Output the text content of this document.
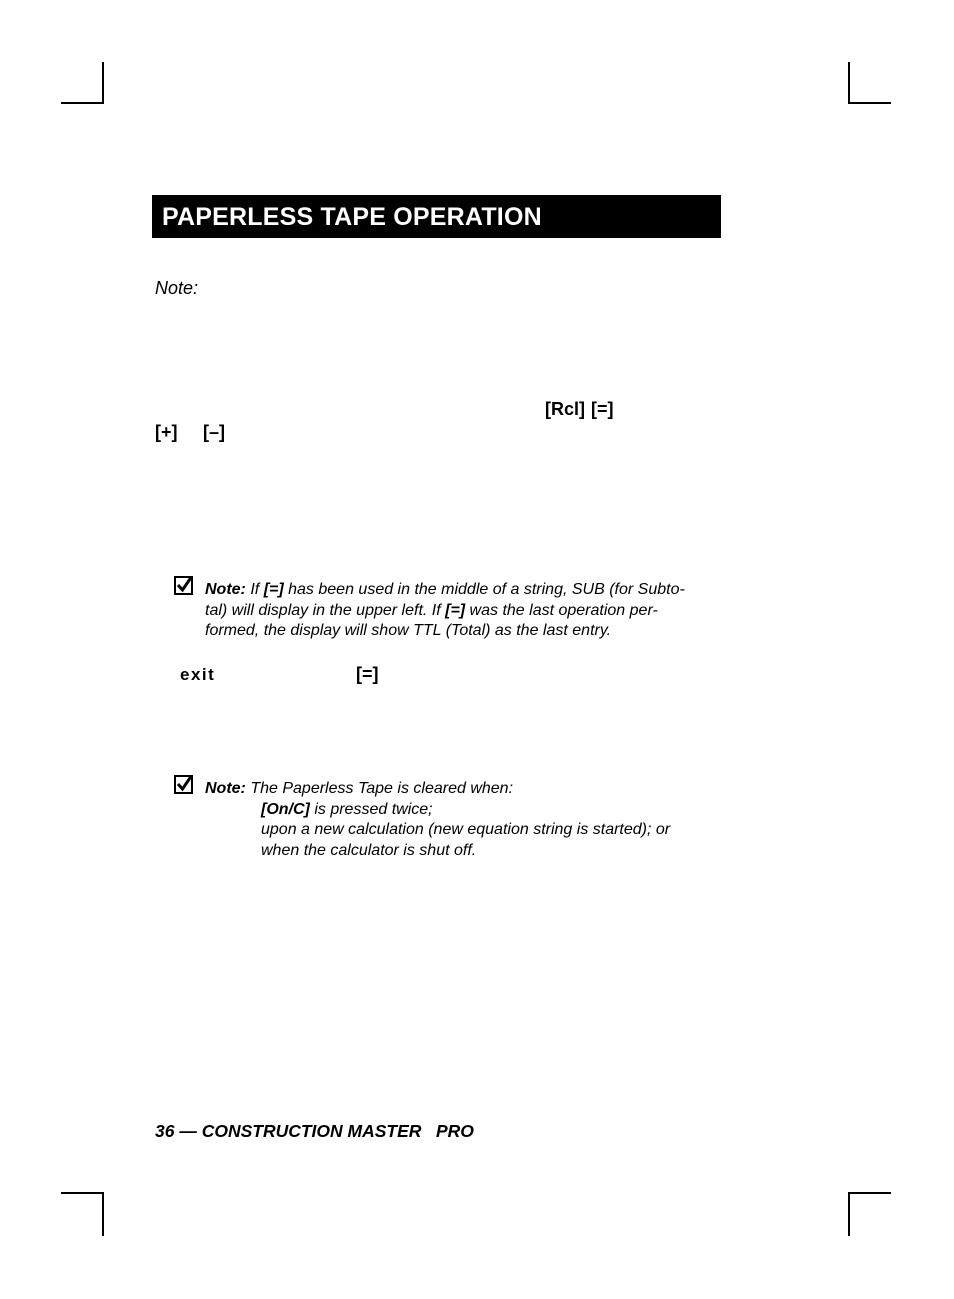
PAPERLESS TAPE OPERATION
Note:
[Rcl] [=]
[+] [–]
Note: If [=] has been used in the middle of a string, SUB (for Subto-
tal) will display in the upper left. If [=] was the last operation per-
formed, the display will show TTL (Total) as the last entry.
exit	[=]
Note: The Paperless Tape is cleared when:
[On/C] is pressed twice;
upon a new calculation (new equation string is started); or
when the calculator is shut off.
36 — CONSTRUCTION MASTER   PRO
